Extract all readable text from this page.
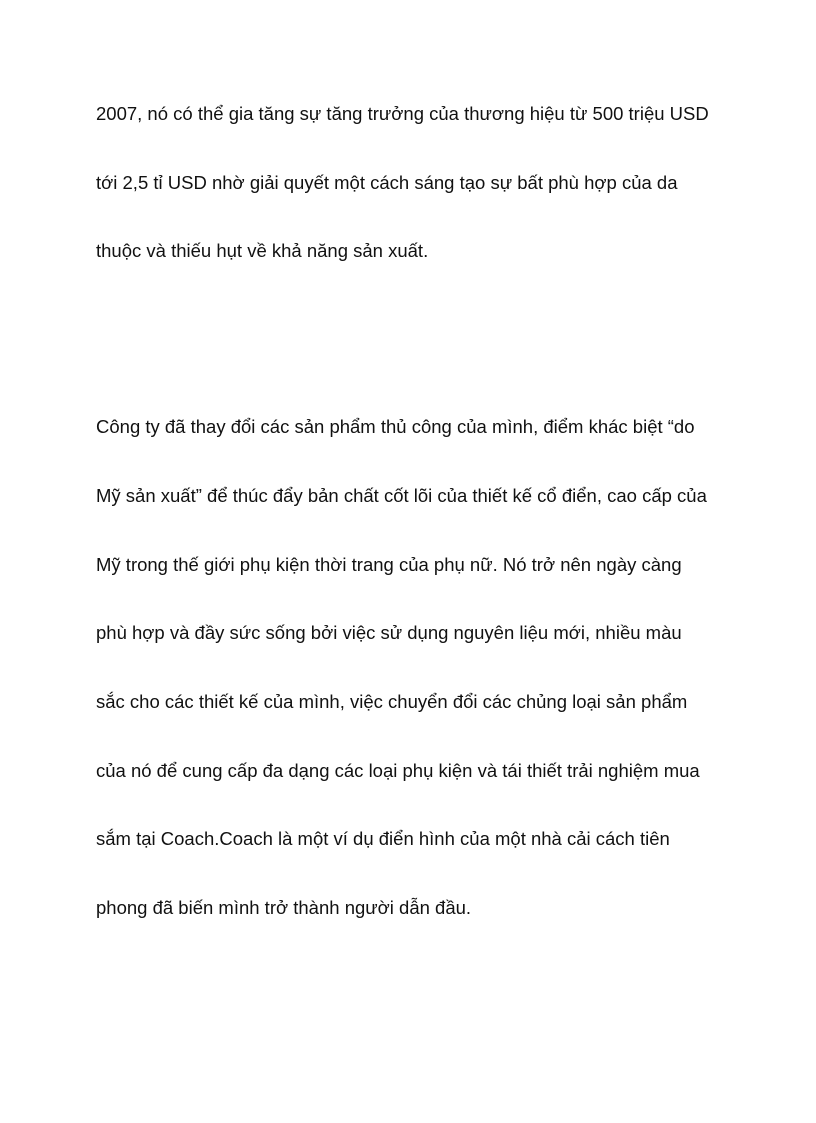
2007, nó có thể gia tăng sự tăng trưởng của thương hiệu từ 500 triệu USD

tới 2,5 tỉ USD nhờ giải quyết một cách sáng tạo sự bất phù hợp của da

thuộc và thiếu hụt về khả năng sản xuất.

Công ty đã thay đổi các sản phẩm thủ công của mình, điểm khác biệt “do

Mỹ sản xuất” để thúc đẩy bản chất cốt lõi của thiết kế cổ điển, cao cấp của

Mỹ trong thế giới phụ kiện thời trang của phụ nữ. Nó trở nên ngày càng

phù hợp và đầy sức sống bởi việc sử dụng nguyên liệu mới, nhiều màu

sắc cho các thiết kế của mình, việc chuyển đổi các chủng loại sản phẩm

của nó để cung cấp đa dạng các loại phụ kiện và tái thiết trải nghiệm mua

sắm tại Coach.Coach là một ví dụ điển hình của một nhà cải cách tiên

phong đã biến mình trở thành người dẫn đầu.
